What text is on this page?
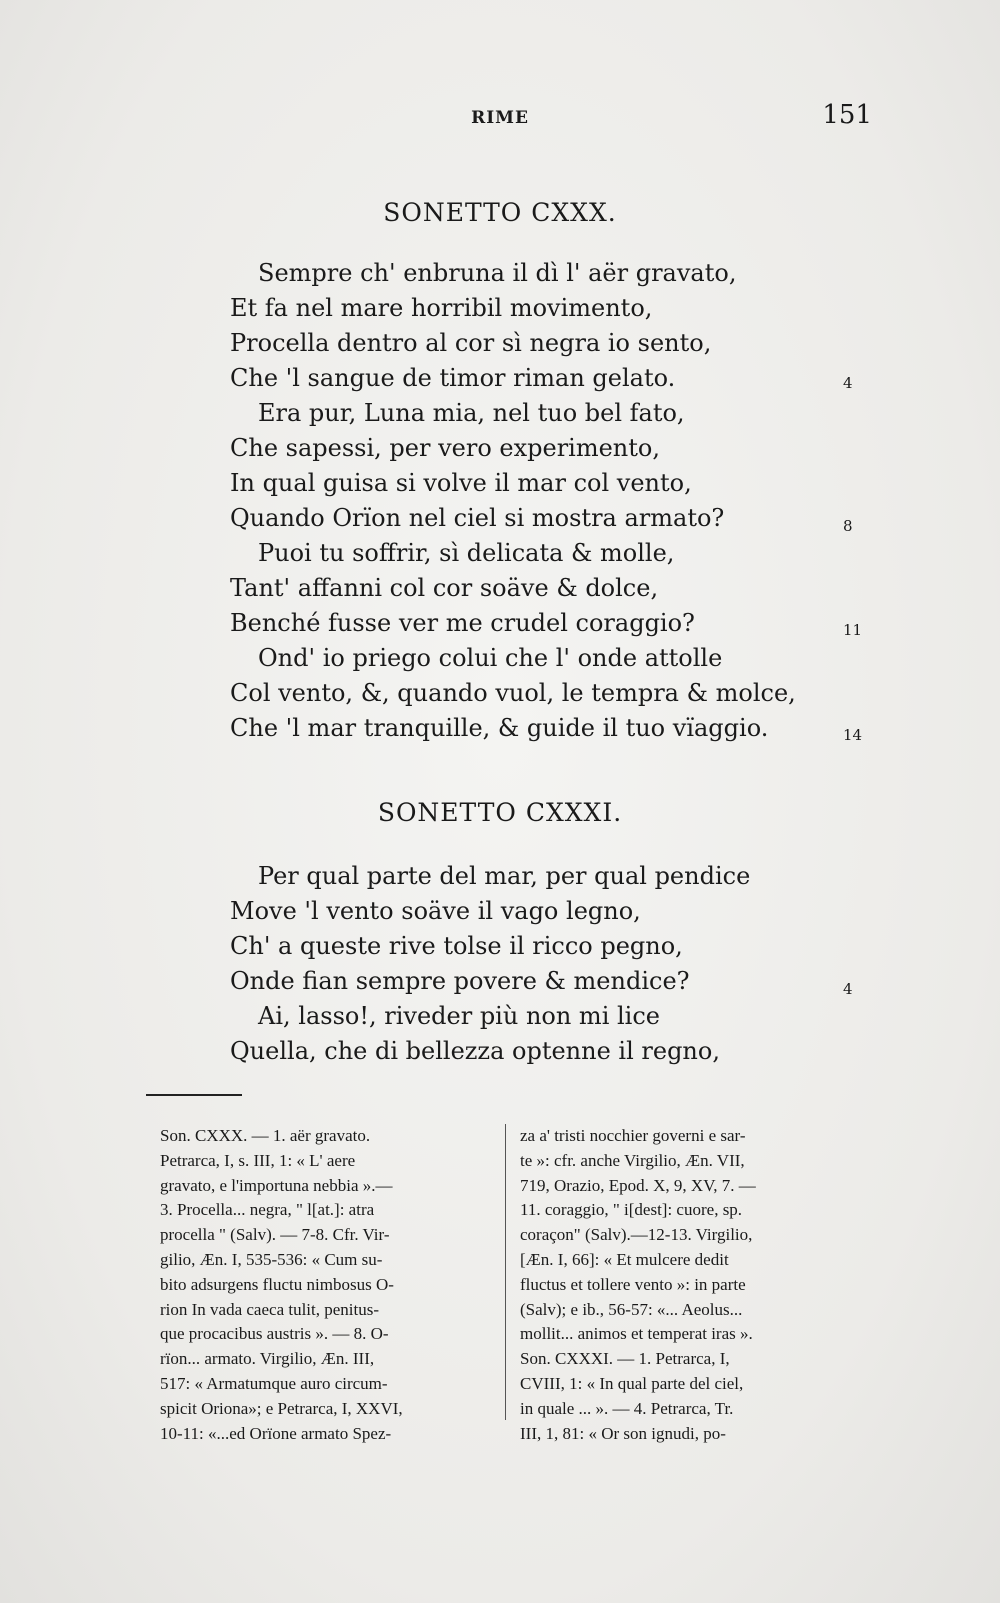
RIME	151
SONETTO CXXX.
Sempre ch' enbruna il dì l' aër gravato,
Et fa nel mare horribil movimento,
Procella dentro al cor sì negra io sento,
Che 'l sangue de timor riman gelato.	4
Era pur, Luna mia, nel tuo bel fato,
Che sapessi, per vero experimento,
In qual guisa si volve il mar col vento,
Quando Orïon nel ciel si mostra armato?	8
Puoi tu soffrir, sì delicata & molle,
Tant' affanni col cor soäve & dolce,
Benché fusse ver me crudel coraggio?	11
Ond' io priego colui che l' onde attolle
Col vento, &, quando vuol, le tempra & molce,
Che 'l mar tranquille, & guide il tuo vïaggio.	14
SONETTO CXXXI.
Per qual parte del mar, per qual pendice
Move 'l vento soäve il vago legno,
Ch' a queste rive tolse il ricco pegno,
Onde fian sempre povere & mendice?	4
Ai, lasso!, riveder più non mi lice
Quella, che di bellezza optenne il regno,
Son. CXXX. — 1. aër gravato.
Petrarca, I, s. III, 1: « L' aere
gravato, e l'importuna nebbia ».—
3. Procella... negra, " l[at.]: atra
procella " (Salv). — 7-8. Cfr. Vir-
gilio, Æn. I, 535-536: « Cum su-
bito adsurgens fluctu nimbosus O-
rion In vada caeca tulit, penitus-
que procacibus austris ». — 8. O-
rïon... armato. Virgilio, Æn. III,
517: « Armatumque auro circum-
spicit Oriona»; e Petrarca, I, XXVI,
10-11: «...ed Orïone armato Spez-
za a' tristi nocchier governi e sar-
te »: cfr. anche Virgilio, Æn. VII,
719, Orazio, Epod. X, 9, XV, 7. —
11. coraggio, " i[dest]: cuore, sp.
coraçon" (Salv).—12-13. Virgilio,
[Æn. I, 66]: « Et mulcere dedit
fluctus et tollere vento »: in parte
(Salv); e ib., 56-57: «... Aeolus...
mollit... animos et temperat iras ».
Son. CXXXI. — 1. Petrarca, I,
CVIII, 1: « In qual parte del ciel,
in quale ... ». — 4. Petrarca, Tr.
III, 1, 81: « Or son ignudi, po-
